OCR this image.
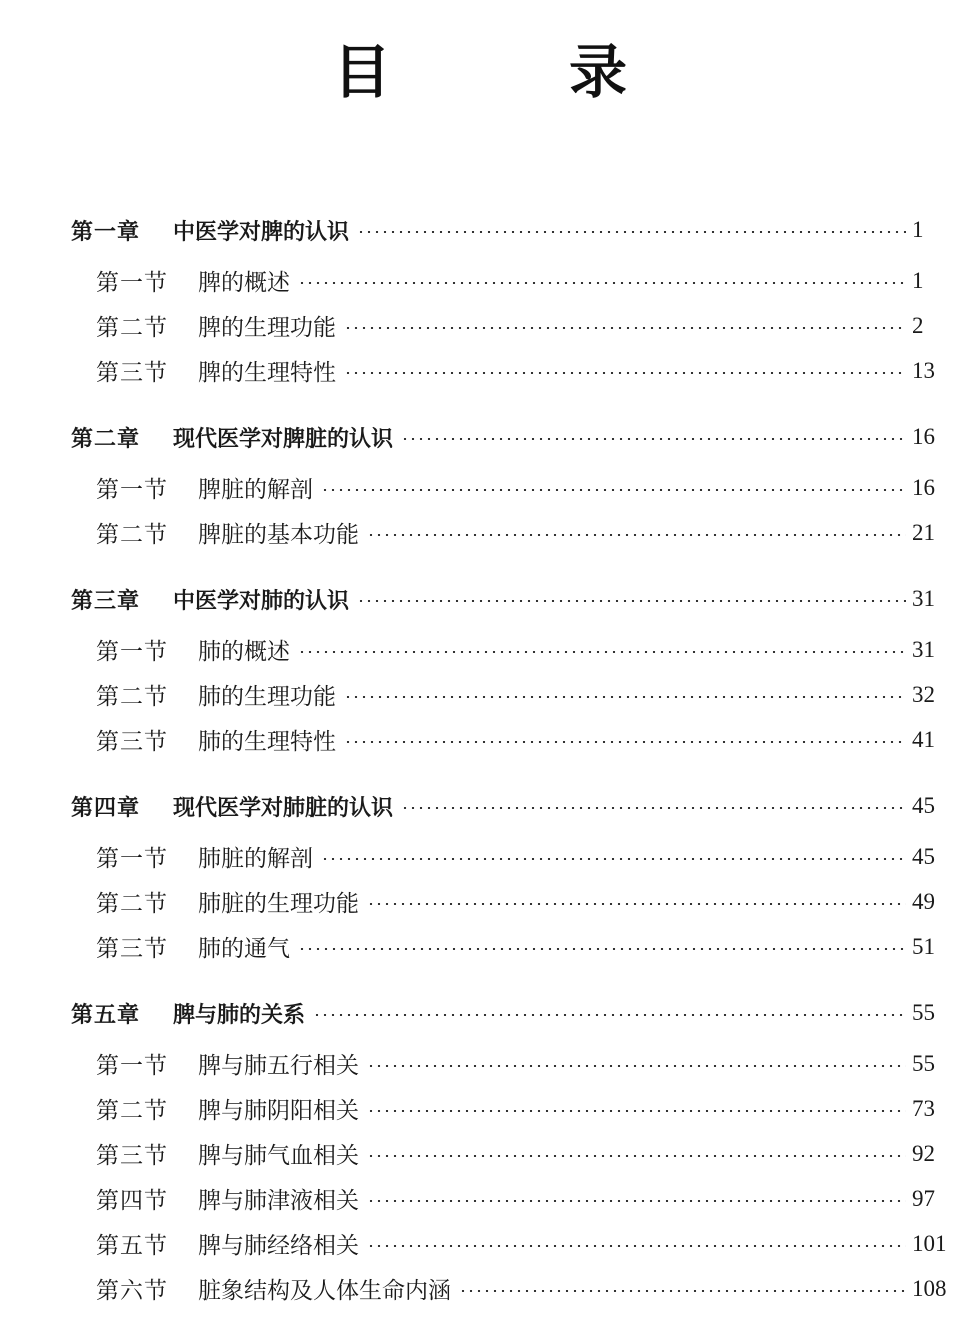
目　录
第一章	中医学对脾的认识	1
第一节	脾的概述	1
第二节	脾的生理功能	2
第三节	脾的生理特性	13
第二章	现代医学对脾脏的认识	16
第一节	脾脏的解剖	16
第二节	脾脏的基本功能	21
第三章	中医学对肺的认识	31
第一节	肺的概述	31
第二节	肺的生理功能	32
第三节	肺的生理特性	41
第四章	现代医学对肺脏的认识	45
第一节	肺脏的解剖	45
第二节	肺脏的生理功能	49
第三节	肺的通气	51
第五章	脾与肺的关系	55
第一节	脾与肺五行相关	55
第二节	脾与肺阴阳相关	73
第三节	脾与肺气血相关	92
第四节	脾与肺津液相关	97
第五节	脾与肺经络相关	101
第六节	脏象结构及人体生命内涵	108
